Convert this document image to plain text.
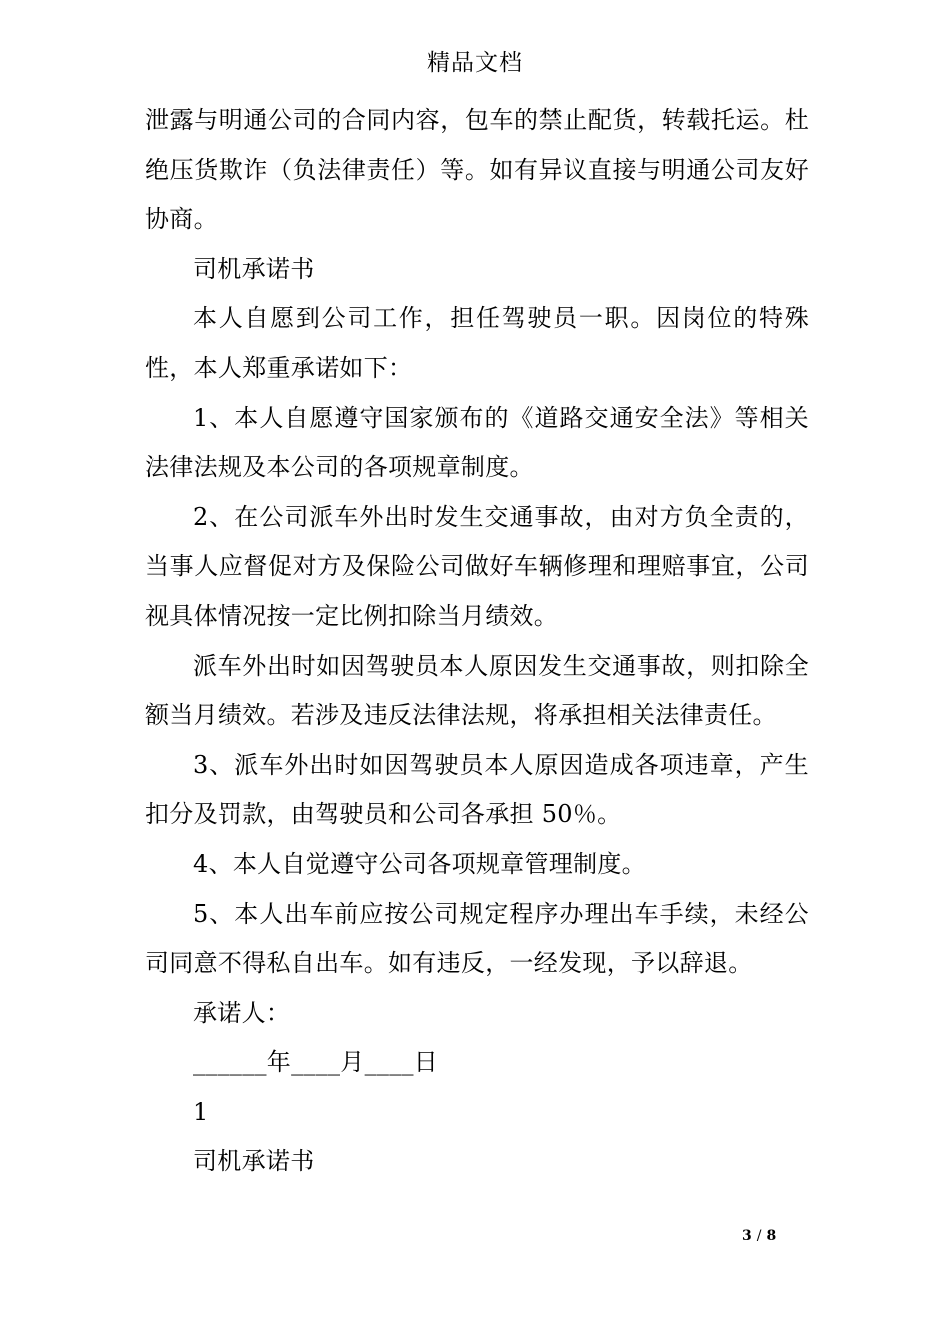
精品文档

泄露与明通公司的合同内容，包车的禁止配货，转载托运。杜绝压货欺诈（负法律责任）等。如有异议直接与明通公司友好协商。

司机承诺书

本人自愿到公司工作，担任驾驶员一职。因岗位的特殊性，本人郑重承诺如下：

1、本人自愿遵守国家颁布的《道路交通安全法》等相关法律法规及本公司的各项规章制度。

2、在公司派车外出时发生交通事故，由对方负全责的，当事人应督促对方及保险公司做好车辆修理和理赔事宜，公司视具体情况按一定比例扣除当月绩效。

派车外出时如因驾驶员本人原因发生交通事故，则扣除全额当月绩效。若涉及违反法律法规，将承担相关法律责任。

3、派车外出时如因驾驶员本人原因造成各项违章，产生扣分及罚款，由驾驶员和公司各承担 50％。

4、本人自觉遵守公司各项规章管理制度。

5、本人出车前应按公司规定程序办理出车手续，未经公司同意不得私自出车。如有违反，一经发现，予以辞退。

承诺人：

______年____月____日

1

司机承诺书

3 / 8
